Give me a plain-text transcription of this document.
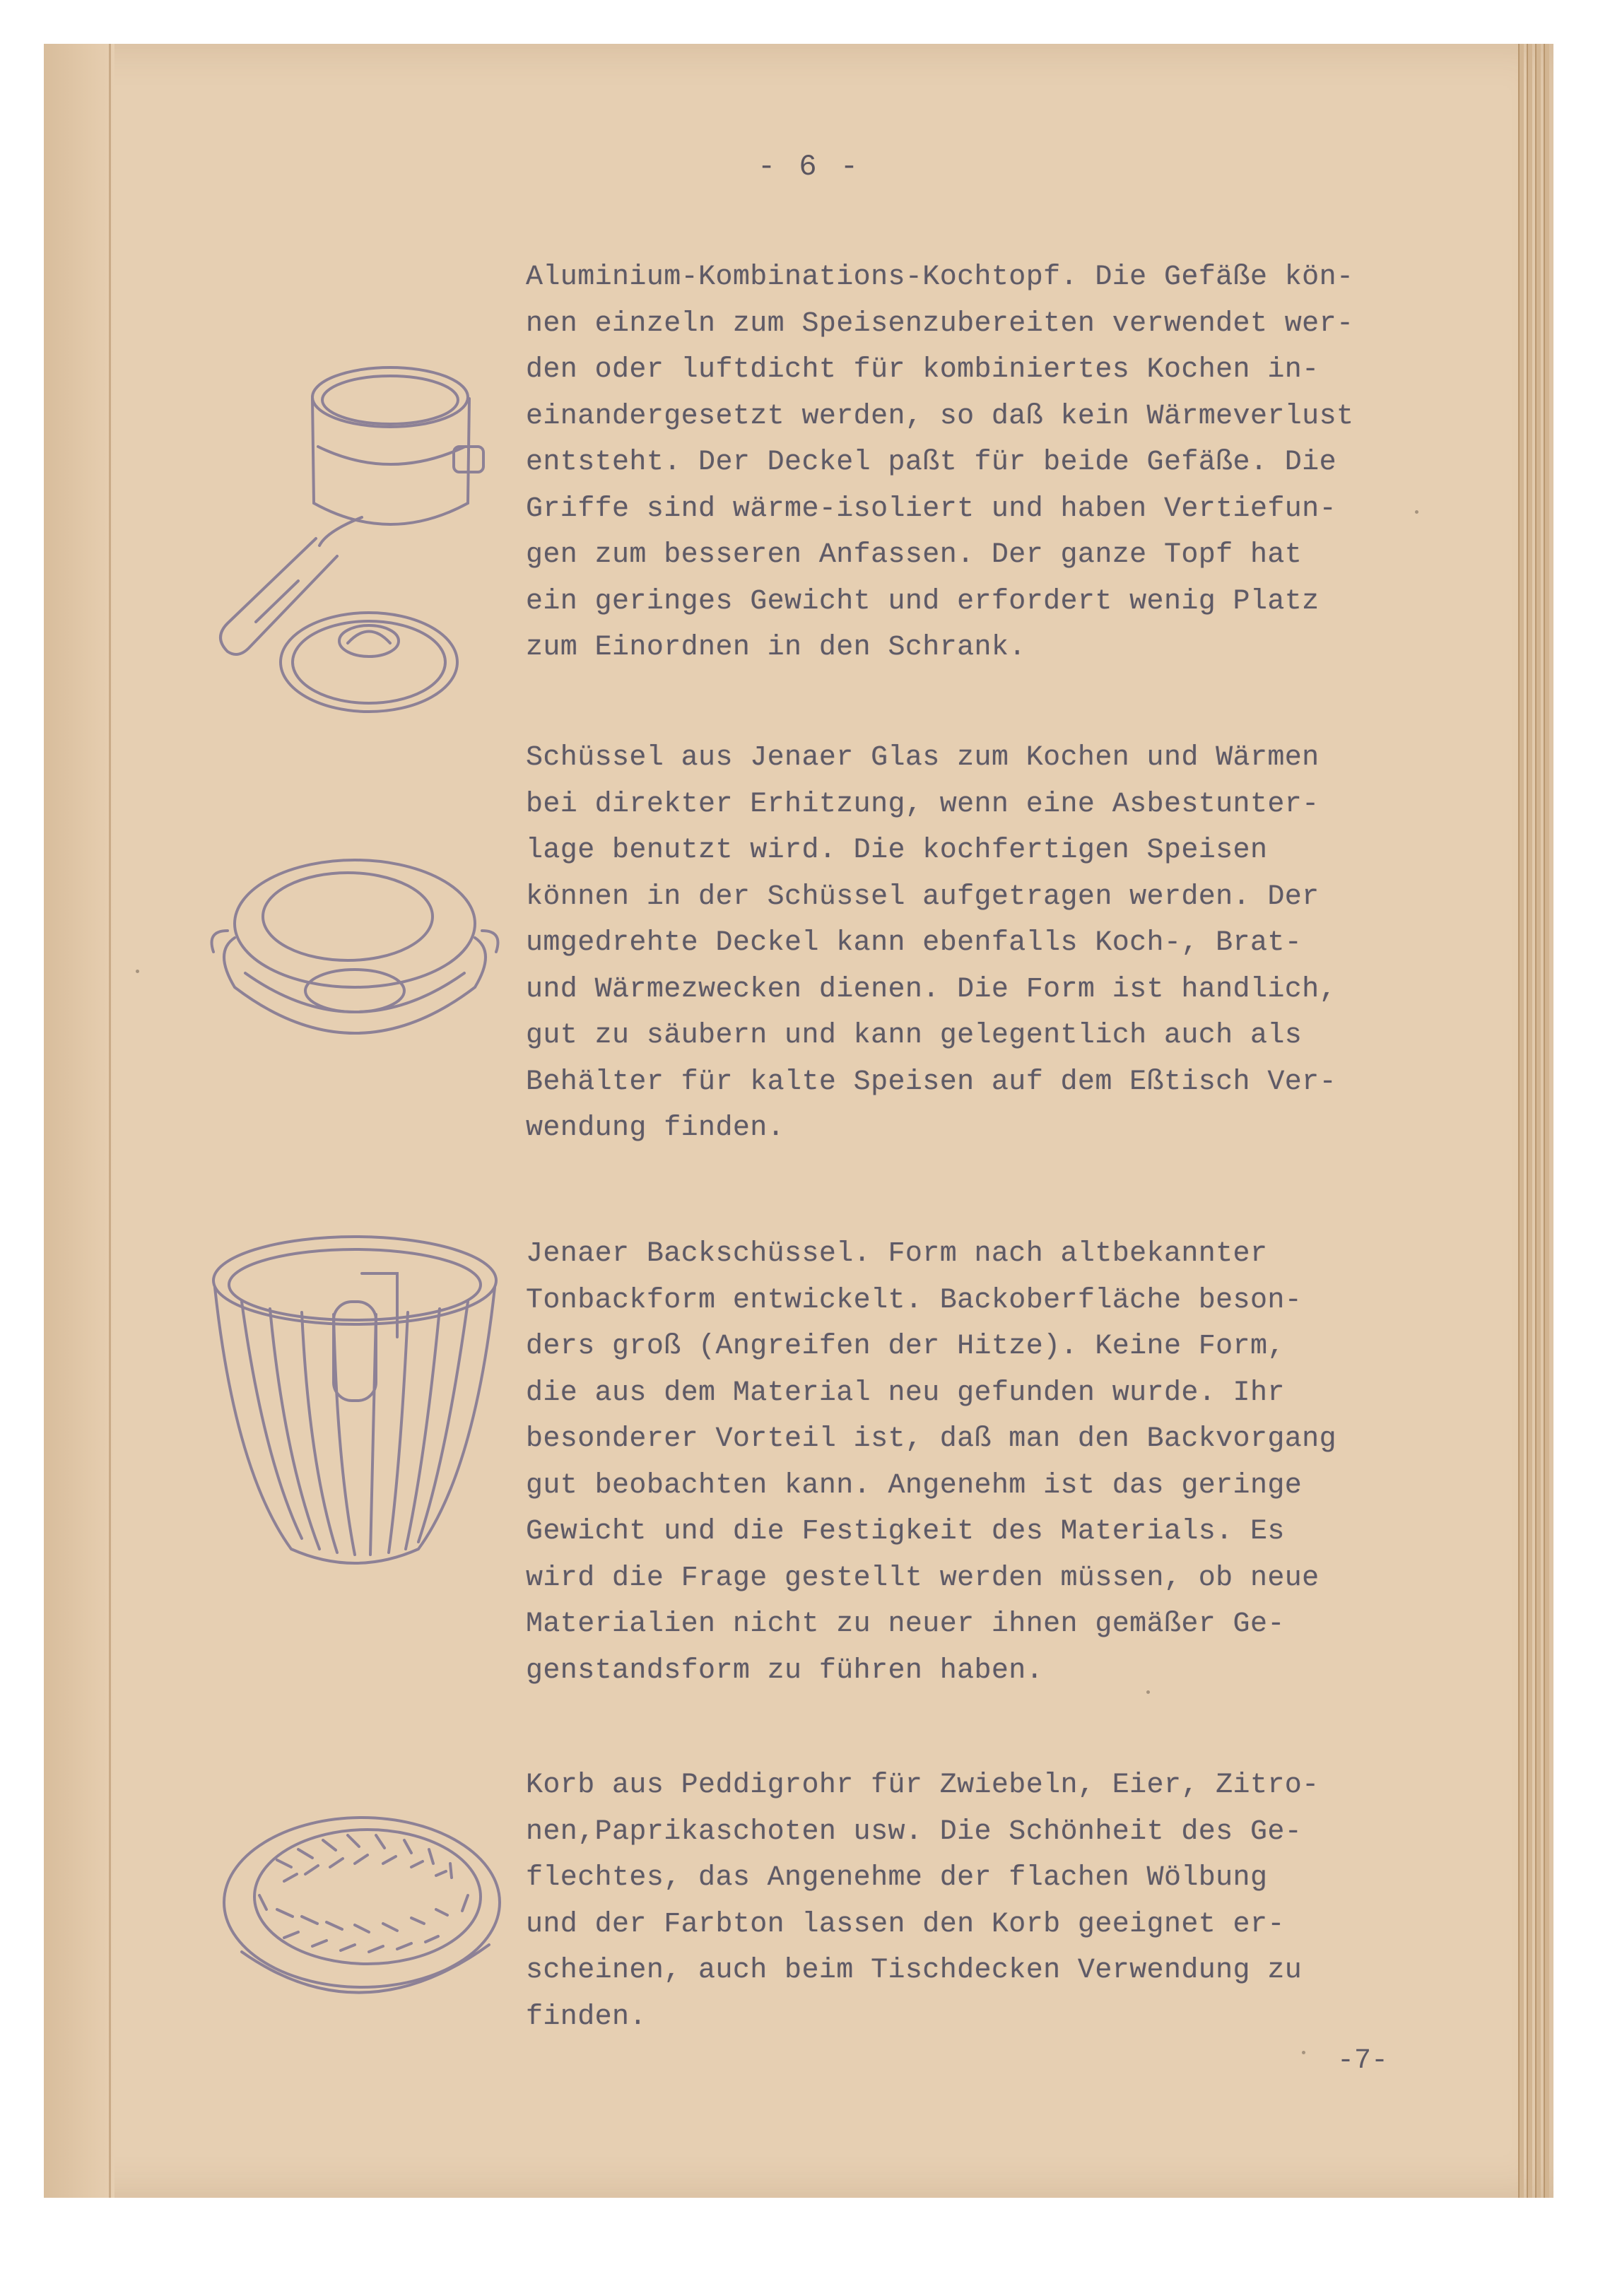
- 6 -
Aluminium-Kombinations-Kochtopf. Die Gefäße kön-
nen einzeln zum Speisenzubereiten verwendet wer-
den oder luftdicht für kombiniertes Kochen in-
einandergesetzt werden, so daß kein Wärmeverlust
entsteht. Der Deckel paßt für beide Gefäße. Die
Griffe sind wärme-isoliert und haben Vertiefun-
gen zum besseren Anfassen. Der ganze Topf hat
ein geringes Gewicht und erfordert wenig Platz
zum Einordnen in den Schrank.
Schüssel aus Jenaer Glas zum Kochen und Wärmen
bei direkter Erhitzung, wenn eine Asbestunter-
lage benutzt wird. Die kochfertigen Speisen
können in der Schüssel aufgetragen werden. Der
umgedrehte Deckel kann ebenfalls Koch-, Brat-
und Wärmezwecken dienen. Die Form ist handlich,
gut zu säubern und kann gelegentlich auch als
Behälter für kalte Speisen auf dem Eßtisch Ver-
wendung finden.
Jenaer Backschüssel. Form nach altbekannter
Tonbackform entwickelt. Backoberfläche beson-
ders groß (Angreifen der Hitze). Keine Form,
die aus dem Material neu gefunden wurde. Ihr
besonderer Vorteil ist, daß man den Backvorgang
gut beobachten kann. Angenehm ist das geringe
Gewicht und die Festigkeit des Materials. Es
wird die Frage gestellt werden müssen, ob neue
Materialien nicht zu neuer ihnen gemäßer Ge-
genstandsform zu führen haben.
Korb aus Peddigrohr für Zwiebeln, Eier, Zitro-
nen,Paprikaschoten usw. Die Schönheit des Ge-
flechtes, das Angenehme der flachen Wölbung
und der Farbton lassen den Korb geeignet er-
scheinen, auch beim Tischdecken Verwendung zu
finden.
-7-
